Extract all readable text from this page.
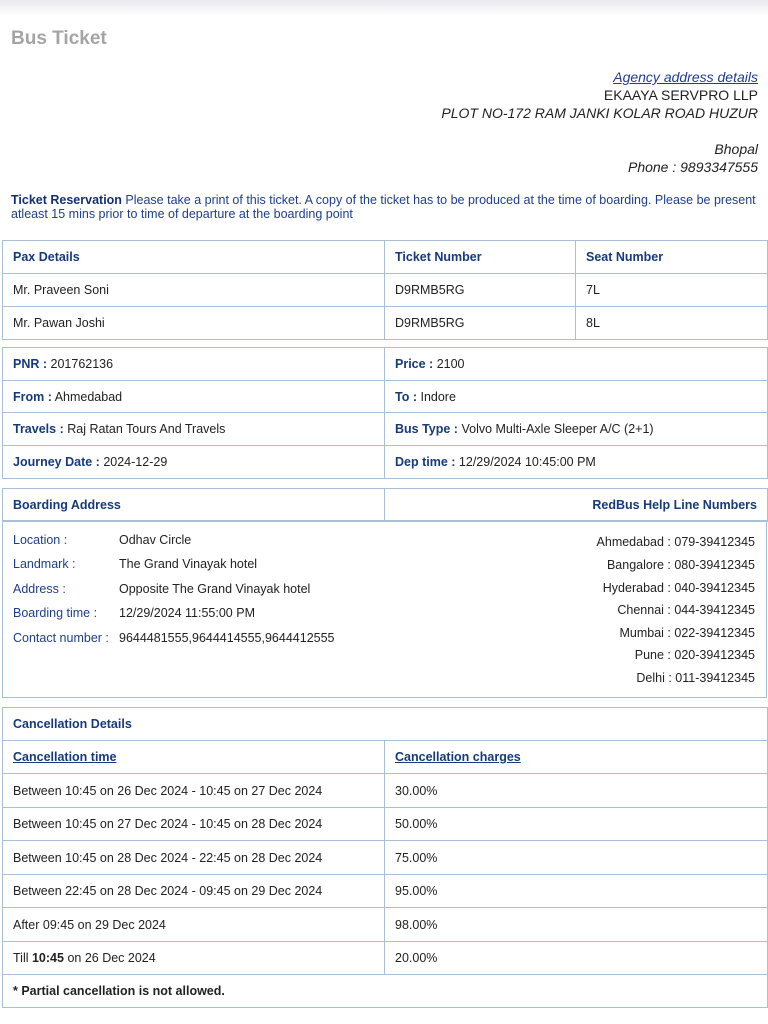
Bus Ticket
Agency address details
EKAAYA SERVPRO LLP
PLOT NO-172 RAM JANKI KOLAR ROAD HUZUR
Bhopal
Phone : 9893347555
Ticket Reservation Please take a print of this ticket. A copy of the ticket has to be produced at the time of boarding. Please be present atleast 15 mins prior to time of departure at the boarding point
Pax Details	Ticket Number	Seat Number
Mr. Praveen Soni	D9RMB5RG	7L
Mr. Pawan Joshi	D9RMB5RG	8L
PNR : 201762136	Price : 2100
From : Ahmedabad	To : Indore
Travels : Raj Ratan Tours And Travels	Bus Type : Volvo Multi-Axle Sleeper A/C (2+1)
Journey Date : 2024-12-29	Dep time : 12/29/2024 10:45:00 PM
Boarding Address	RedBus Help Line Numbers
Location :	Odhav Circle
Landmark :	The Grand Vinayak hotel
Address :	Opposite The Grand Vinayak hotel
Boarding time :	12/29/2024 11:55:00 PM
Contact number : 9644481555,9644414555,9644412555
Ahmedabad : 079-39412345
Bangalore : 080-39412345
Hyderabad : 040-39412345
Chennai : 044-39412345
Mumbai : 022-39412345
Pune : 020-39412345
Delhi : 011-39412345
Cancellation Details	
Cancellation time	Cancellation charges
Between 10:45 on 26 Dec 2024 - 10:45 on 27 Dec 2024	30.00%
Between 10:45 on 27 Dec 2024 - 10:45 on 28 Dec 2024	50.00%
Between 10:45 on 28 Dec 2024 - 22:45 on 28 Dec 2024	75.00%
Between 22:45 on 28 Dec 2024 - 09:45 on 29 Dec 2024	95.00%
After 09:45 on 29 Dec 2024	98.00%
Till 10:45 on 26 Dec 2024	20.00%
* Partial cancellation is not allowed.	
